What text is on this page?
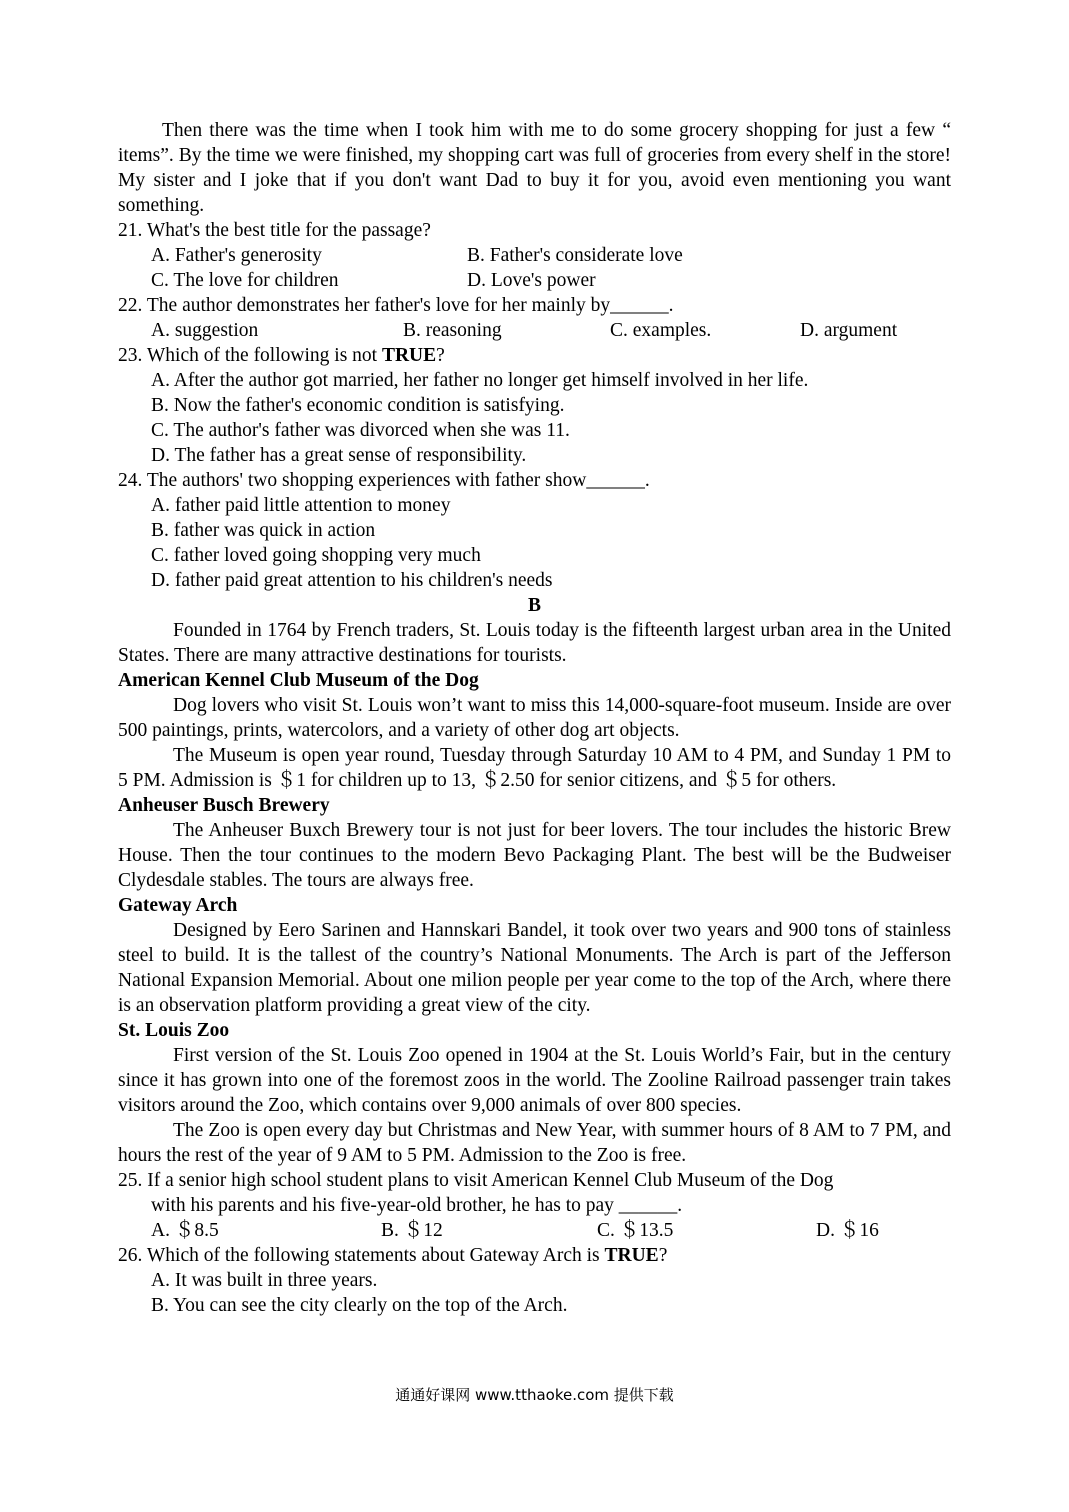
Then there was the time when I took him with me to do some grocery shopping for just a few “ items”. By the time we were finished, my shopping cart was full of groceries from every shelf in the store! My sister and I joke that if you don't want Dad to buy it for you, avoid even mentioning you want something.

21. What's the best title for the passage?

A. Father's generosity	B. Father's considerate love
C. The love for children	D. Love's power

22. The author demonstrates her father's love for her mainly by______.

A. suggestion	B. reasoning	C. examples.	D. argument

23. Which of the following is not TRUE?

A. After the author got married, her father no longer get himself involved in her life.

B. Now the father's economic condition is satisfying.

C. The author's father was divorced when she was 11.

D. The father has a great sense of responsibility.

24. The authors' two shopping experiences with father show______.

A. father paid little attention to money

B. father was quick in action

C. father loved going shopping very much

D. father paid great attention to his children's needs

B

Founded in 1764 by French traders, St. Louis today is the fifteenth largest urban area in the United States. There are many attractive destinations for tourists.

American Kennel Club Museum of the Dog

Dog lovers who visit St. Louis won’t want to miss this 14,000-square-foot museum. Inside are over 500 paintings, prints, watercolors, and a variety of other dog art objects.

The Museum is open year round, Tuesday through Saturday 10 AM to 4 PM, and Sunday 1 PM to 5 PM. Admission is ＄1 for children up to 13, ＄2.50 for senior citizens, and ＄5 for others.

Anheuser Busch Brewery

The Anheuser Buxch Brewery tour is not just for beer lovers. The tour includes the historic Brew House. Then the tour continues to the modern Bevo Packaging Plant. The best will be the Budweiser Clydesdale stables. The tours are always free.

Gateway Arch

Designed by Eero Sarinen and Hannskari Bandel, it took over two years and 900 tons of stainless steel to build. It is the tallest of the country’s National Monuments. The Arch is part of the Jefferson National Expansion Memorial. About one milion people per year come to the top of the Arch, where there is an observation platform providing a great view of the city.

St. Louis Zoo

First version of the St. Louis Zoo opened in 1904 at the St. Louis World’s Fair, but in the century since it has grown into one of the foremost zoos in the world. The Zooline Railroad passenger train takes visitors around the Zoo, which contains over 9,000 animals of over 800 species.

The Zoo is open every day but Christmas and New Year, with summer hours of 8 AM to 7 PM, and hours the rest of the year of 9 AM to 5 PM. Admission to the Zoo is free.

25. If a senior high school student plans to visit American Kennel Club Museum of the Dog

with his parents and his five-year-old brother, he has to pay ______.

A. ＄8.5	B. ＄12	C. ＄13.5	D. ＄16

26. Which of the following statements about Gateway Arch is TRUE?

A. It was built in three years.

B. You can see the city clearly on the top of the Arch.

通通好课网 www.tthaoke.com 提供下载
